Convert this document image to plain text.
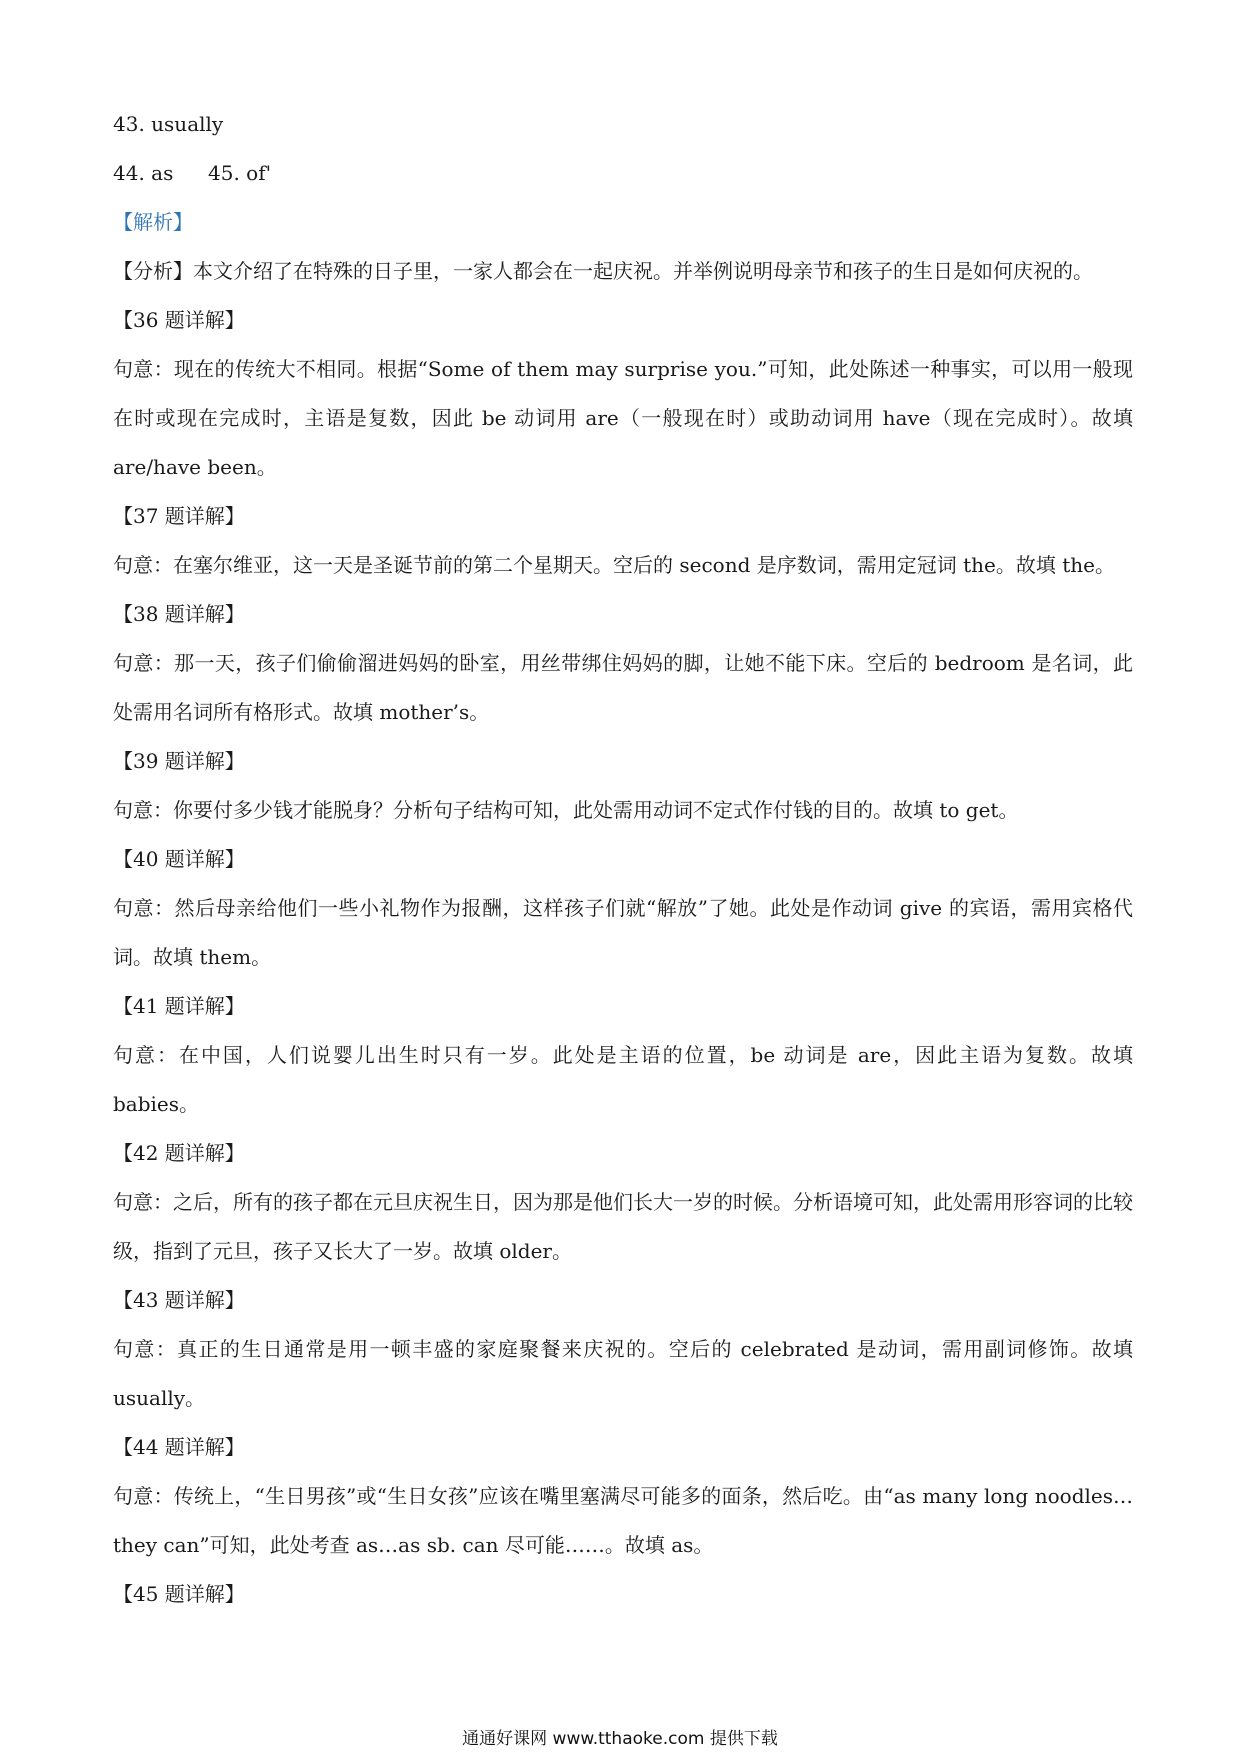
43. usually
44. as 45. of'
【解析】
【分析】本文介绍了在特殊的日子里，一家人都会在一起庆祝。并举例说明母亲节和孩子的生日是如何庆祝的。
【36 题详解】
句意：现在的传统大不相同。根据“Some of them may surprise you.”可知，此处陈述一种事实，可以用一般现在时或现在完成时，主语是复数，因此 be 动词用 are（一般现在时）或助动词用 have（现在完成时）。故填 are/have been。
【37 题详解】
句意：在塞尔维亚，这一天是圣诞节前的第二个星期天。空后的 second 是序数词，需用定冠词 the。故填 the。
【38 题详解】
句意：那一天，孩子们偷偷溜进妈妈的卧室，用丝带绑住妈妈的脚，让她不能下床。空后的 bedroom 是名词，此处需用名词所有格形式。故填 mother’s。
【39 题详解】
句意：你要付多少钱才能脱身？分析句子结构可知，此处需用动词不定式作付钱的目的。故填 to get。
【40 题详解】
句意：然后母亲给他们一些小礼物作为报酬，这样孩子们就“解放”了她。此处是作动词 give 的宾语，需用宾格代词。故填 them。
【41 题详解】
句意：在中国，人们说婴儿出生时只有一岁。此处是主语的位置，be 动词是 are，因此主语为复数。故填 babies。
【42 题详解】
句意：之后，所有的孩子都在元旦庆祝生日，因为那是他们长大一岁的时候。分析语境可知，此处需用形容词的比较级，指到了元旦，孩子又长大了一岁。故填 older。
【43 题详解】
句意：真正的生日通常是用一顿丰盛的家庭聚餐来庆祝的。空后的 celebrated 是动词，需用副词修饰。故填 usually。
【44 题详解】
句意：传统上，“生日男孩”或“生日女孩”应该在嘴里塞满尽可能多的面条，然后吃。由“as many long noodles…they can”可知，此处考查 as…as sb. can 尽可能……。故填 as。
【45 题详解】
通通好课网 www.tthaoke.com 提供下载
